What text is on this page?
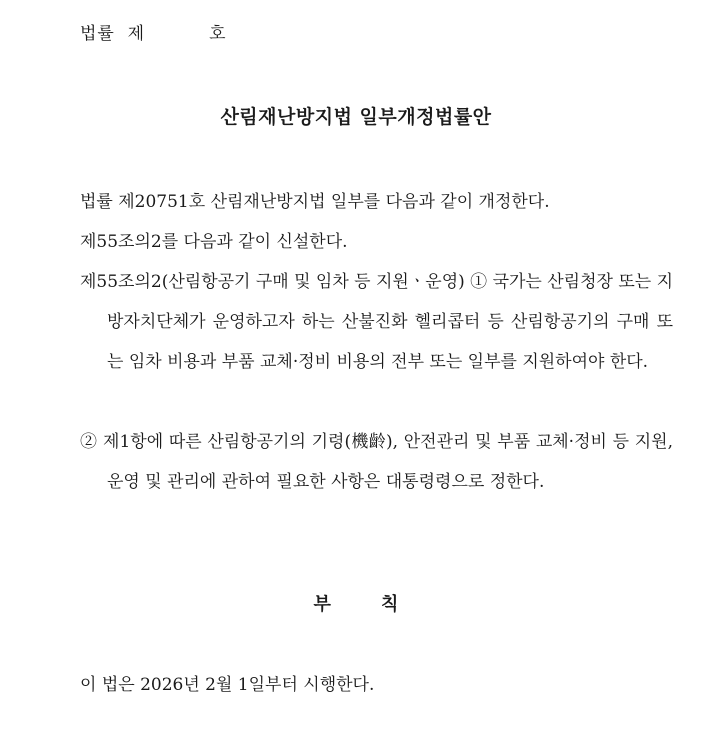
법률  제          호
산림재난방지법 일부개정법률안
법률 제20751호 산림재난방지법 일부를 다음과 같이 개정한다.
제55조의2를 다음과 같이 신설한다.
제55조의2(산림항공기 구매 및 임차 등 지원ㆍ운영) ① 국가는 산림청장 또는 지방자치단체가 운영하고자 하는 산불진화 헬리콥터 등 산림항공기의 구매 또는 임차 비용과 부품 교체·정비 비용의 전부 또는 일부를 지원하여야 한다.
② 제1항에 따른 산림항공기의 기령(機齡), 안전관리 및 부품 교체·정비 등 지원, 운영 및 관리에 관하여 필요한 사항은 대통령령으로 정한다.
부        칙
이 법은 2026년 2월 1일부터 시행한다.
